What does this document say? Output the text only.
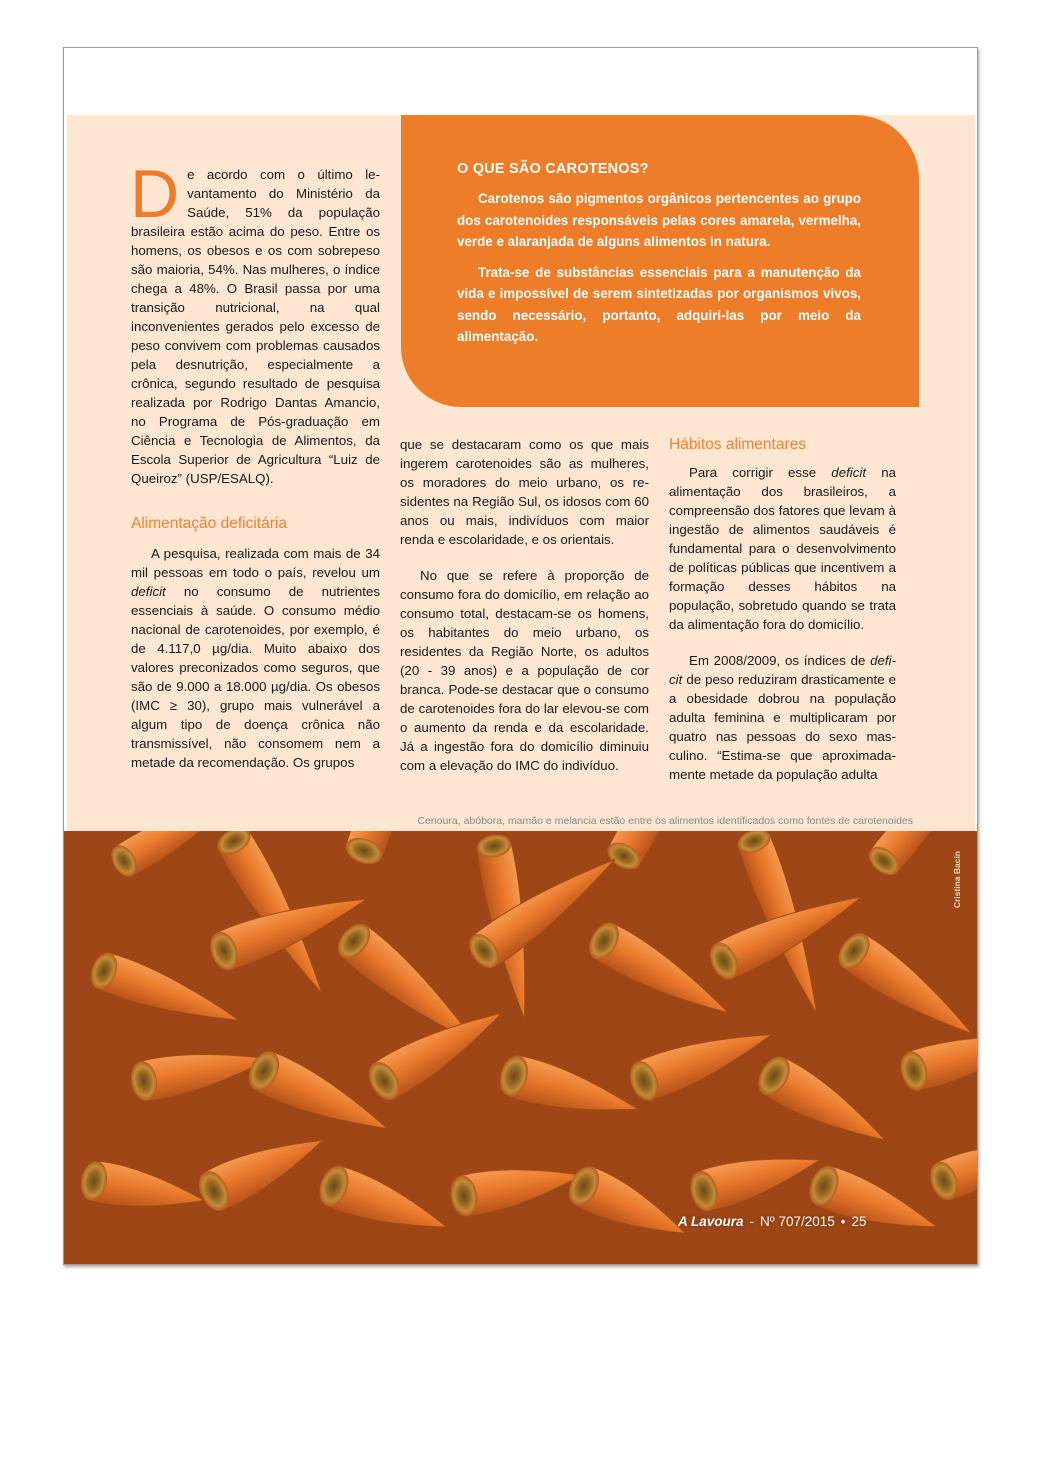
O QUE SÃO CAROTENOS?

Carotenos são pigmentos orgânicos pertencentes ao grupo dos carotenoides responsáveis pelas cores amarela, vermelha, verde e alaranjada de alguns alimentos in natura.

Trata-se de substâncias essenciais para a manutenção da vida e impossível de serem sintetizadas por organismos vivos, sendo necessário, portanto, adquiri-las por meio da alimentação.

De acordo com o último levantamento do Ministério da Saúde, 51% da população brasileira estão acima do peso. Entre os homens, os obesos e os com sobrepeso são maioria, 54%. Nas mulheres, o índice chega a 48%. O Brasil passa por uma transição nutricional, na qual inconvenientes gerados pelo excesso de peso convivem com problemas causados pela desnutrição, especialmente a crônica, segundo resultado de pesquisa realizada por Rodrigo Dantas Amancio, no Programa de Pós-graduação em Ciência e Tecnologia de Alimentos, da Escola Superior de Agricultura “Luiz de Queiroz” (USP/ESALQ).

Alimentação deficitária

A pesquisa, realizada com mais de 34 mil pessoas em todo o país, revelou um deficit no consumo de nutrientes essenciais à saúde. O consumo médio nacional de carotenoides, por exemplo, é de 4.117,0 µg/dia. Muito abaixo dos valores preconizados como seguros, que são de 9.000 a 18.000 µg/dia. Os obesos (IMC ≥ 30), grupo mais vulnerável a algum tipo de doença crônica não transmissível, não consomem nem a metade da recomendação. Os grupos

que se destacaram como os que mais ingerem carotenoides são as mulheres, os moradores do meio urbano, os residentes na Região Sul, os idosos com 60 anos ou mais, indivíduos com maior renda e escolaridade, e os orientais.

No que se refere à proporção de consumo fora do domicílio, em relação ao consumo total, destacam-se os homens, os habitantes do meio urbano, os residentes da Região Norte, os adultos (20 - 39 anos) e a população de cor branca. Pode-se destacar que o consumo de carotenoides fora do lar elevou-se com o aumento da renda e da escolaridade. Já a ingestão fora do domicílio diminuiu com a elevação do IMC do indivíduo.

Hábitos alimentares

Para corrigir esse deficit na alimentação dos brasileiros, a compreensão dos fatores que levam à ingestão de alimentos saudáveis é fundamental para o desenvolvimento de políticas públicas que incentivem a formação desses hábitos na população, sobretudo quando se trata da alimentação fora do domicílio.

Em 2008/2009, os índices de deficit de peso reduziram drasticamente e a obesidade dobrou na população adulta feminina e multiplicaram por quatro nas pessoas do sexo masculino. “Estima-se que aproximadamente metade da população adulta

Cenoura, abóbora, mamão e melancia estão entre os alimentos identificados como fontes de carotenoides
Cristina Bacin
A Lavoura - Nº 707/2015 • 25
